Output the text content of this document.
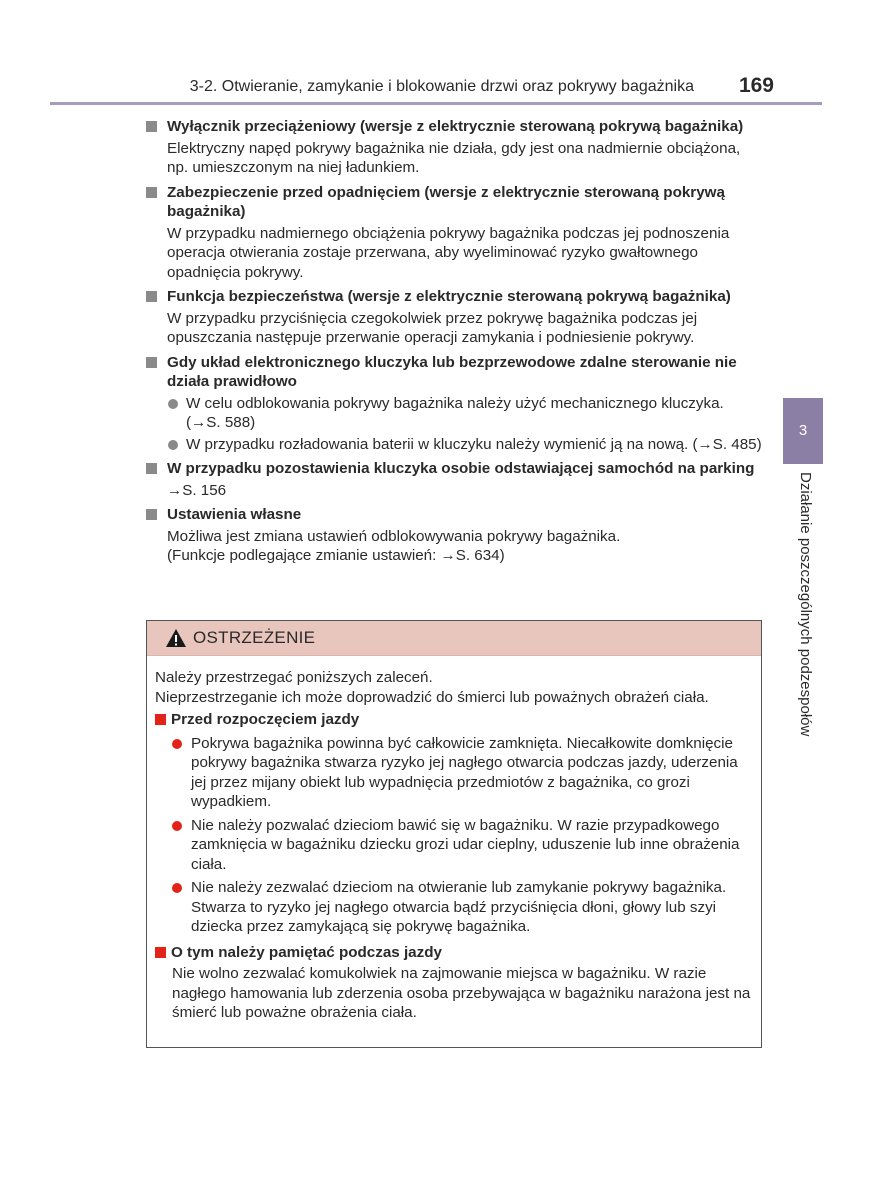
3-2. Otwieranie, zamykanie i blokowanie drzwi oraz pokrywy bagażnika 169
3
Działanie poszczególnych podzespołów
Wyłącznik przeciążeniowy (wersje z elektrycznie sterowaną pokrywą bagażnika)
Elektryczny napęd pokrywy bagażnika nie działa, gdy jest ona nadmiernie obciążona, np. umieszczonym na niej ładunkiem.
Zabezpieczenie przed opadnięciem (wersje z elektrycznie sterowaną pokrywą bagażnika)
W przypadku nadmiernego obciążenia pokrywy bagażnika podczas jej podnoszenia operacja otwierania zostaje przerwana, aby wyeliminować ryzyko gwałtownego opadnięcia pokrywy.
Funkcja bezpieczeństwa (wersje z elektrycznie sterowaną pokrywą bagażnika)
W przypadku przyciśnięcia czegokolwiek przez pokrywę bagażnika podczas jej opuszczania następuje przerwanie operacji zamykania i podniesienie pokrywy.
Gdy układ elektronicznego kluczyka lub bezprzewodowe zdalne sterowanie nie działa prawidłowo
W celu odblokowania pokrywy bagażnika należy użyć mechanicznego kluczyka. (→S. 588)
W przypadku rozładowania baterii w kluczyku należy wymienić ją na nową. (→S. 485)
W przypadku pozostawienia kluczyka osobie odstawiającej samochód na parking
→S. 156
Ustawienia własne
Możliwa jest zmiana ustawień odblokowywania pokrywy bagażnika.
(Funkcje podlegające zmianie ustawień: →S. 634)
OSTRZEŻENIE
Należy przestrzegać poniższych zaleceń.
Nieprzestrzeganie ich może doprowadzić do śmierci lub poważnych obrażeń ciała.
Przed rozpoczęciem jazdy
Pokrywa bagażnika powinna być całkowicie zamknięta. Niecałkowite domknięcie pokrywy bagażnika stwarza ryzyko jej nagłego otwarcia podczas jazdy, uderzenia jej przez mijany obiekt lub wypadnięcia przedmiotów z bagażnika, co grozi wypadkiem.
Nie należy pozwalać dzieciom bawić się w bagażniku. W razie przypadkowego zamknięcia w bagażniku dziecku grozi udar cieplny, uduszenie lub inne obrażenia ciała.
Nie należy zezwalać dzieciom na otwieranie lub zamykanie pokrywy bagażnika. Stwarza to ryzyko jej nagłego otwarcia bądź przyciśnięcia dłoni, głowy lub szyi dziecka przez zamykającą się pokrywę bagażnika.
O tym należy pamiętać podczas jazdy
Nie wolno zezwalać komukolwiek na zajmowanie miejsca w bagażniku. W razie nagłego hamowania lub zderzenia osoba przebywająca w bagażniku narażona jest na śmierć lub poważne obrażenia ciała.
